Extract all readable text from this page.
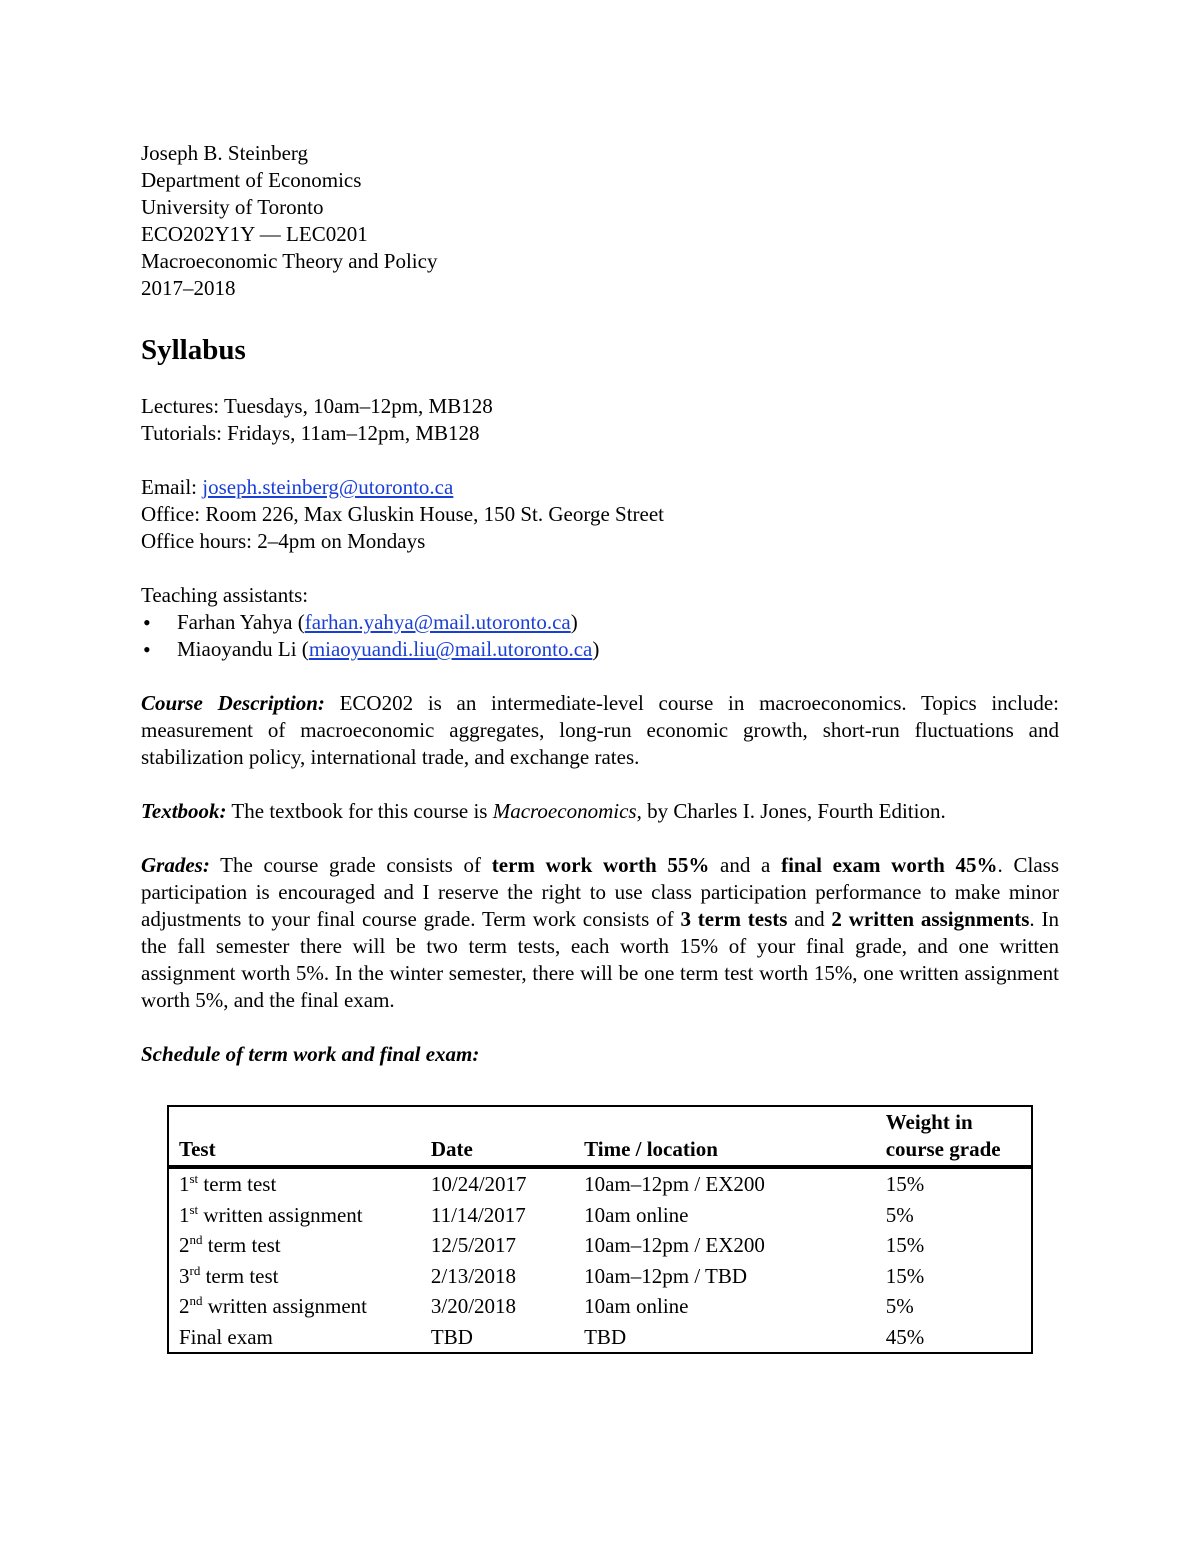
Joseph B. Steinberg
Department of Economics
University of Toronto
ECO202Y1Y — LEC0201
Macroeconomic Theory and Policy
2017–2018
Syllabus
Lectures: Tuesdays, 10am–12pm, MB128
Tutorials: Fridays, 11am–12pm, MB128
Email: joseph.steinberg@utoronto.ca
Office: Room 226, Max Gluskin House, 150 St. George Street
Office hours: 2–4pm on Mondays
Teaching assistants:
• Farhan Yahya (farhan.yahya@mail.utoronto.ca)
• Miaoyandu Li (miaoyuandi.liu@mail.utoronto.ca)

Course Description: ECO202 is an intermediate-level course in macroeconomics. Topics include: measurement of macroeconomic aggregates, long-run economic growth, short-run fluctuations and stabilization policy, international trade, and exchange rates.

Textbook: The textbook for this course is Macroeconomics, by Charles I. Jones, Fourth Edition.

Grades: The course grade consists of term work worth 55% and a final exam worth 45%. Class participation is encouraged and I reserve the right to use class participation performance to make minor adjustments to your final course grade. Term work consists of 3 term tests and 2 written assignments. In the fall semester there will be two term tests, each worth 15% of your final grade, and one written assignment worth 5%. In the winter semester, there will be one term test worth 15%, one written assignment worth 5%, and the final exam.

Schedule of term work and final exam:
Test	Date	Time / location	Weight in course grade
1st term test	10/24/2017	10am–12pm / EX200	15%
1st written assignment	11/14/2017	10am online	5%
2nd term test	12/5/2017	10am–12pm / EX200	15%
3rd term test	2/13/2018	10am–12pm / TBD	15%
2nd written assignment	3/20/2018	10am online	5%
Final exam	TBD	TBD	45%
